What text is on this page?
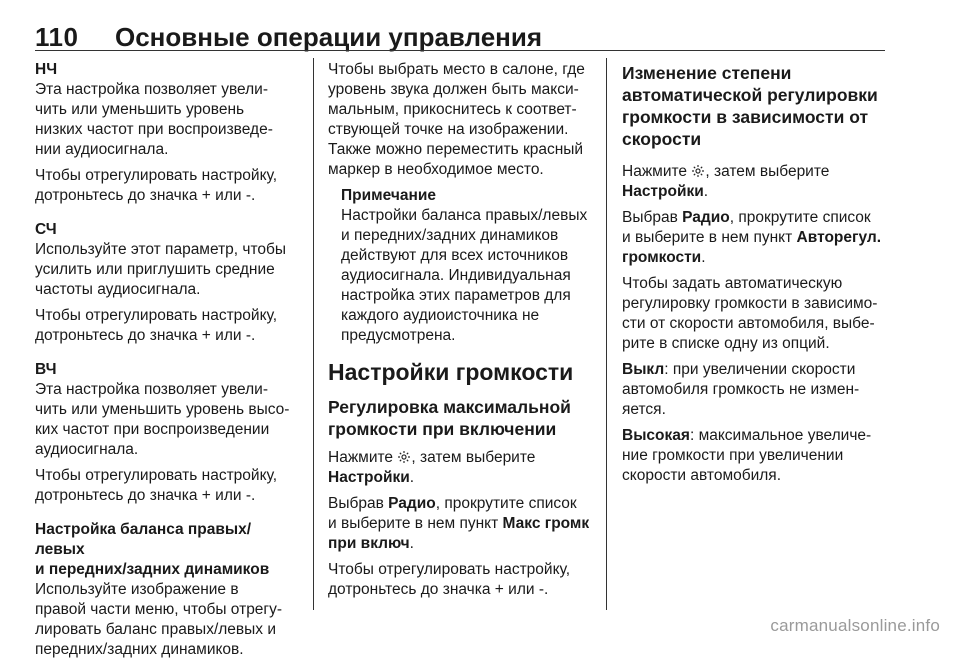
110 Основные операции управления
НЧ

Эта настройка позволяет увели‐
чить или уменьшить уровень
низких частот при воспроизведе‐
нии аудиосигнала.

Чтобы отрегулировать настройку,
дотроньтесь до значка + или -.

СЧ

Используйте этот параметр, чтобы
усилить или приглушить средние
частоты аудиосигнала.

Чтобы отрегулировать настройку,
дотроньтесь до значка + или -.

ВЧ

Эта настройка позволяет увели‐
чить или уменьшить уровень высо‐
ких частот при воспроизведении
аудиосигнала.

Чтобы отрегулировать настройку,
дотроньтесь до значка + или -.

Настройка баланса правых/левых
и передних/задних динамиков

Используйте изображение в
правой части меню, чтобы отрегу‐
лировать баланс правых/левых и
передних/задних динамиков.

Чтобы выбрать место в салоне, где
уровень звука должен быть макси‐
мальным, прикоснитесь к соответ‐
ствующей точке на изображении.
Также можно переместить красный
маркер в необходимое место.

Примечание

Настройки баланса правых/левых
и передних/задних динамиков
действуют для всех источников
аудиосигнала. Индивидуальная
настройка этих параметров для
каждого аудиоисточника не
предусмотрена.

Настройки громкости
Регулировка максимальной
громкости при включении

Нажмите , затем выберите
Настройки.

Выбрав Радио, прокрутите список
и выберите в нем пункт Макс громк
при включ.

Чтобы отрегулировать настройку,
дотроньтесь до значка + или -.

Изменение степени
автоматической регулировки
громкости в зависимости от
скорости

Нажмите , затем выберите
Настройки.

Выбрав Радио, прокрутите список
и выберите в нем пункт Авторегул.
громкости.

Чтобы задать автоматическую
регулировку громкости в зависимо‐
сти от скорости автомобиля, выбе‐
рите в списке одну из опций.

Выкл: при увеличении скорости
автомобиля громкость не измен‐
яется.

Высокая: максимальное увеличе‐
ние громкости при увеличении
скорости автомобиля.

carmanualsonline.info
